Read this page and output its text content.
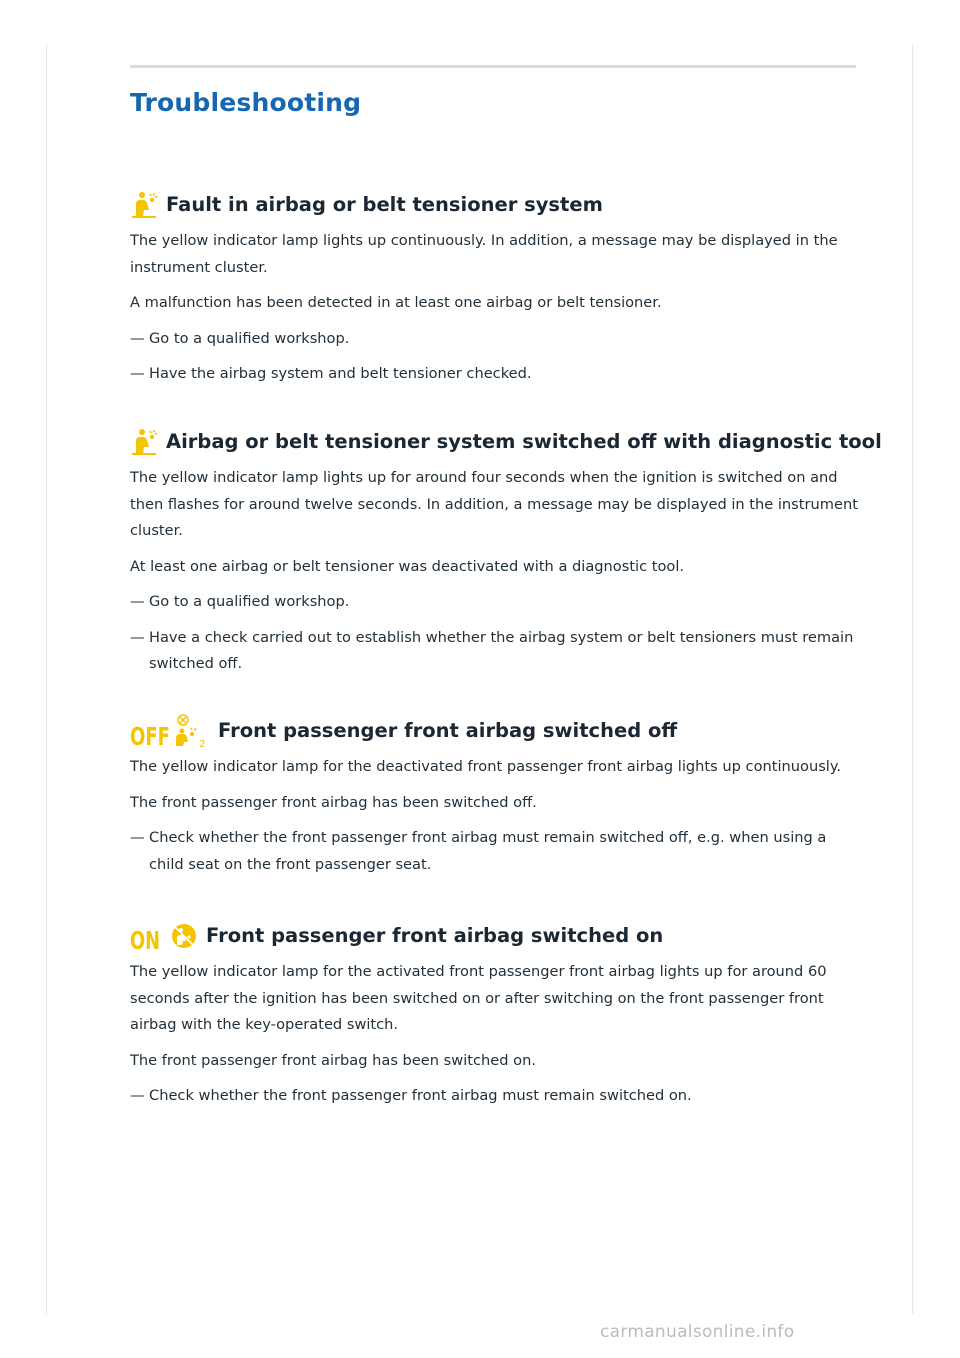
Troubleshooting
Fault in airbag or belt tensioner system

The yellow indicator lamp lights up continuously. In addition, a message may be displayed in the instrument cluster.

A malfunction has been detected in at least one airbag or belt tensioner.

— Go to a qualified workshop.
— Have the airbag system and belt tensioner checked.
Airbag or belt tensioner system switched off with diagnostic tool

The yellow indicator lamp lights up for around four seconds when the ignition is switched on and then flashes for around twelve seconds. In addition, a message may be displayed in the instrument cluster.

At least one airbag or belt tensioner was deactivated with a diagnostic tool.

— Go to a qualified workshop.
— Have a check carried out to establish whether the airbag system or belt tensioners must remain switched off.
OFF	2
Front passenger front airbag switched off

The yellow indicator lamp for the deactivated front passenger front airbag lights up continuously.

The front passenger front airbag has been switched off.

— Check whether the front passenger front airbag must remain switched off, e.g. when using a child seat on the front passenger seat.
ON Front passenger front airbag switched on

The yellow indicator lamp for the activated front passenger front airbag lights up for around 60 seconds after the ignition has been switched on or after switching on the front passenger front airbag with the key-operated switch.

The front passenger front airbag has been switched on.

— Check whether the front passenger front airbag must remain switched on.
carmanualsonline.info
